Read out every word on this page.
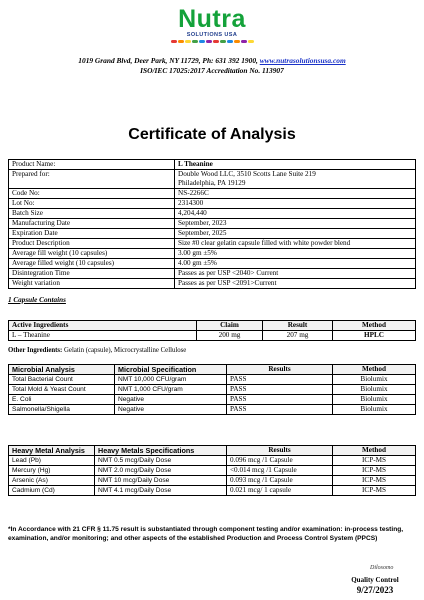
Nutra
SOLUTIONS USA
1019 Grand Blvd, Deer Park, NY 11729, Ph: 631 392 1900, www.nutrasolutionsusa.com
ISO/IEC 17025:2017 Accreditation No. 113907
Certificate of Analysis
Product Name:	L Theanine
Prepared for:	Double Wood LLC, 3510 Scotts Lane Suite 219
Philadelphia, PA 19129

Code No:	NS-2266C
Lot No:	2314300
Batch Size	4,204,440
Manufacturing Date	September, 2023
Expiration Date	September, 2025
Product Description	Size #0 clear gelatin capsule filled with white powder blend
Average fill weight (10 capsules)	3.00 gm ±5%
Average filled weight (10 capsules)	4.00 gm ±5%
Disintegration Time	Passes as per USP <2040> Current
Weight variation	Passes as per USP <2091>Current
1 Capsule Contains
Active Ingredients	Claim	Result	Method
L – Theanine	200 mg	207 mg	HPLC
Other Ingredients: Gelatin (capsule), Microcrystalline Cellulose
Microbial Analysis	Microbial Specification	Results	Method
Total Bacterial Count	NMT 10,000 CFU/gram	PASS	Biolumix
Total Mold & Yeast Count	NMT 1,000 CFU/gram	PASS	Biolumix
E. Coli	Negative	PASS	Biolumix
Salmonella/Shigella	Negative	PASS	Biolumix
Heavy Metal Analysis	Heavy Metals Specifications	Results	Method
Lead (Pb)	NMT 0.5 mcg/Daily Dose	0.096 mcg /1 Capsule	ICP-MS
Mercury (Hg)	NMT 2.0 mcg/Daily Dose	<0.014 mcg /1 Capsule	ICP-MS
Arsenic (As)	NMT 10 mcg/Daily Dose	0.093 mcg /1 Capsule	ICP-MS
Cadmium (Cd)	NMT 4.1 mcg/Daily Dose	0.021 mcg/ 1 capsule	ICP-MS
*In Accordance with 21 CFR § 11.75 result is substantiated through component testing and/or examination: in-process testing, examination, and/or monitoring; and other aspects of the established Production and Process Control System (PPCS)
Dilosomo
Quality Control
9/27/2023
